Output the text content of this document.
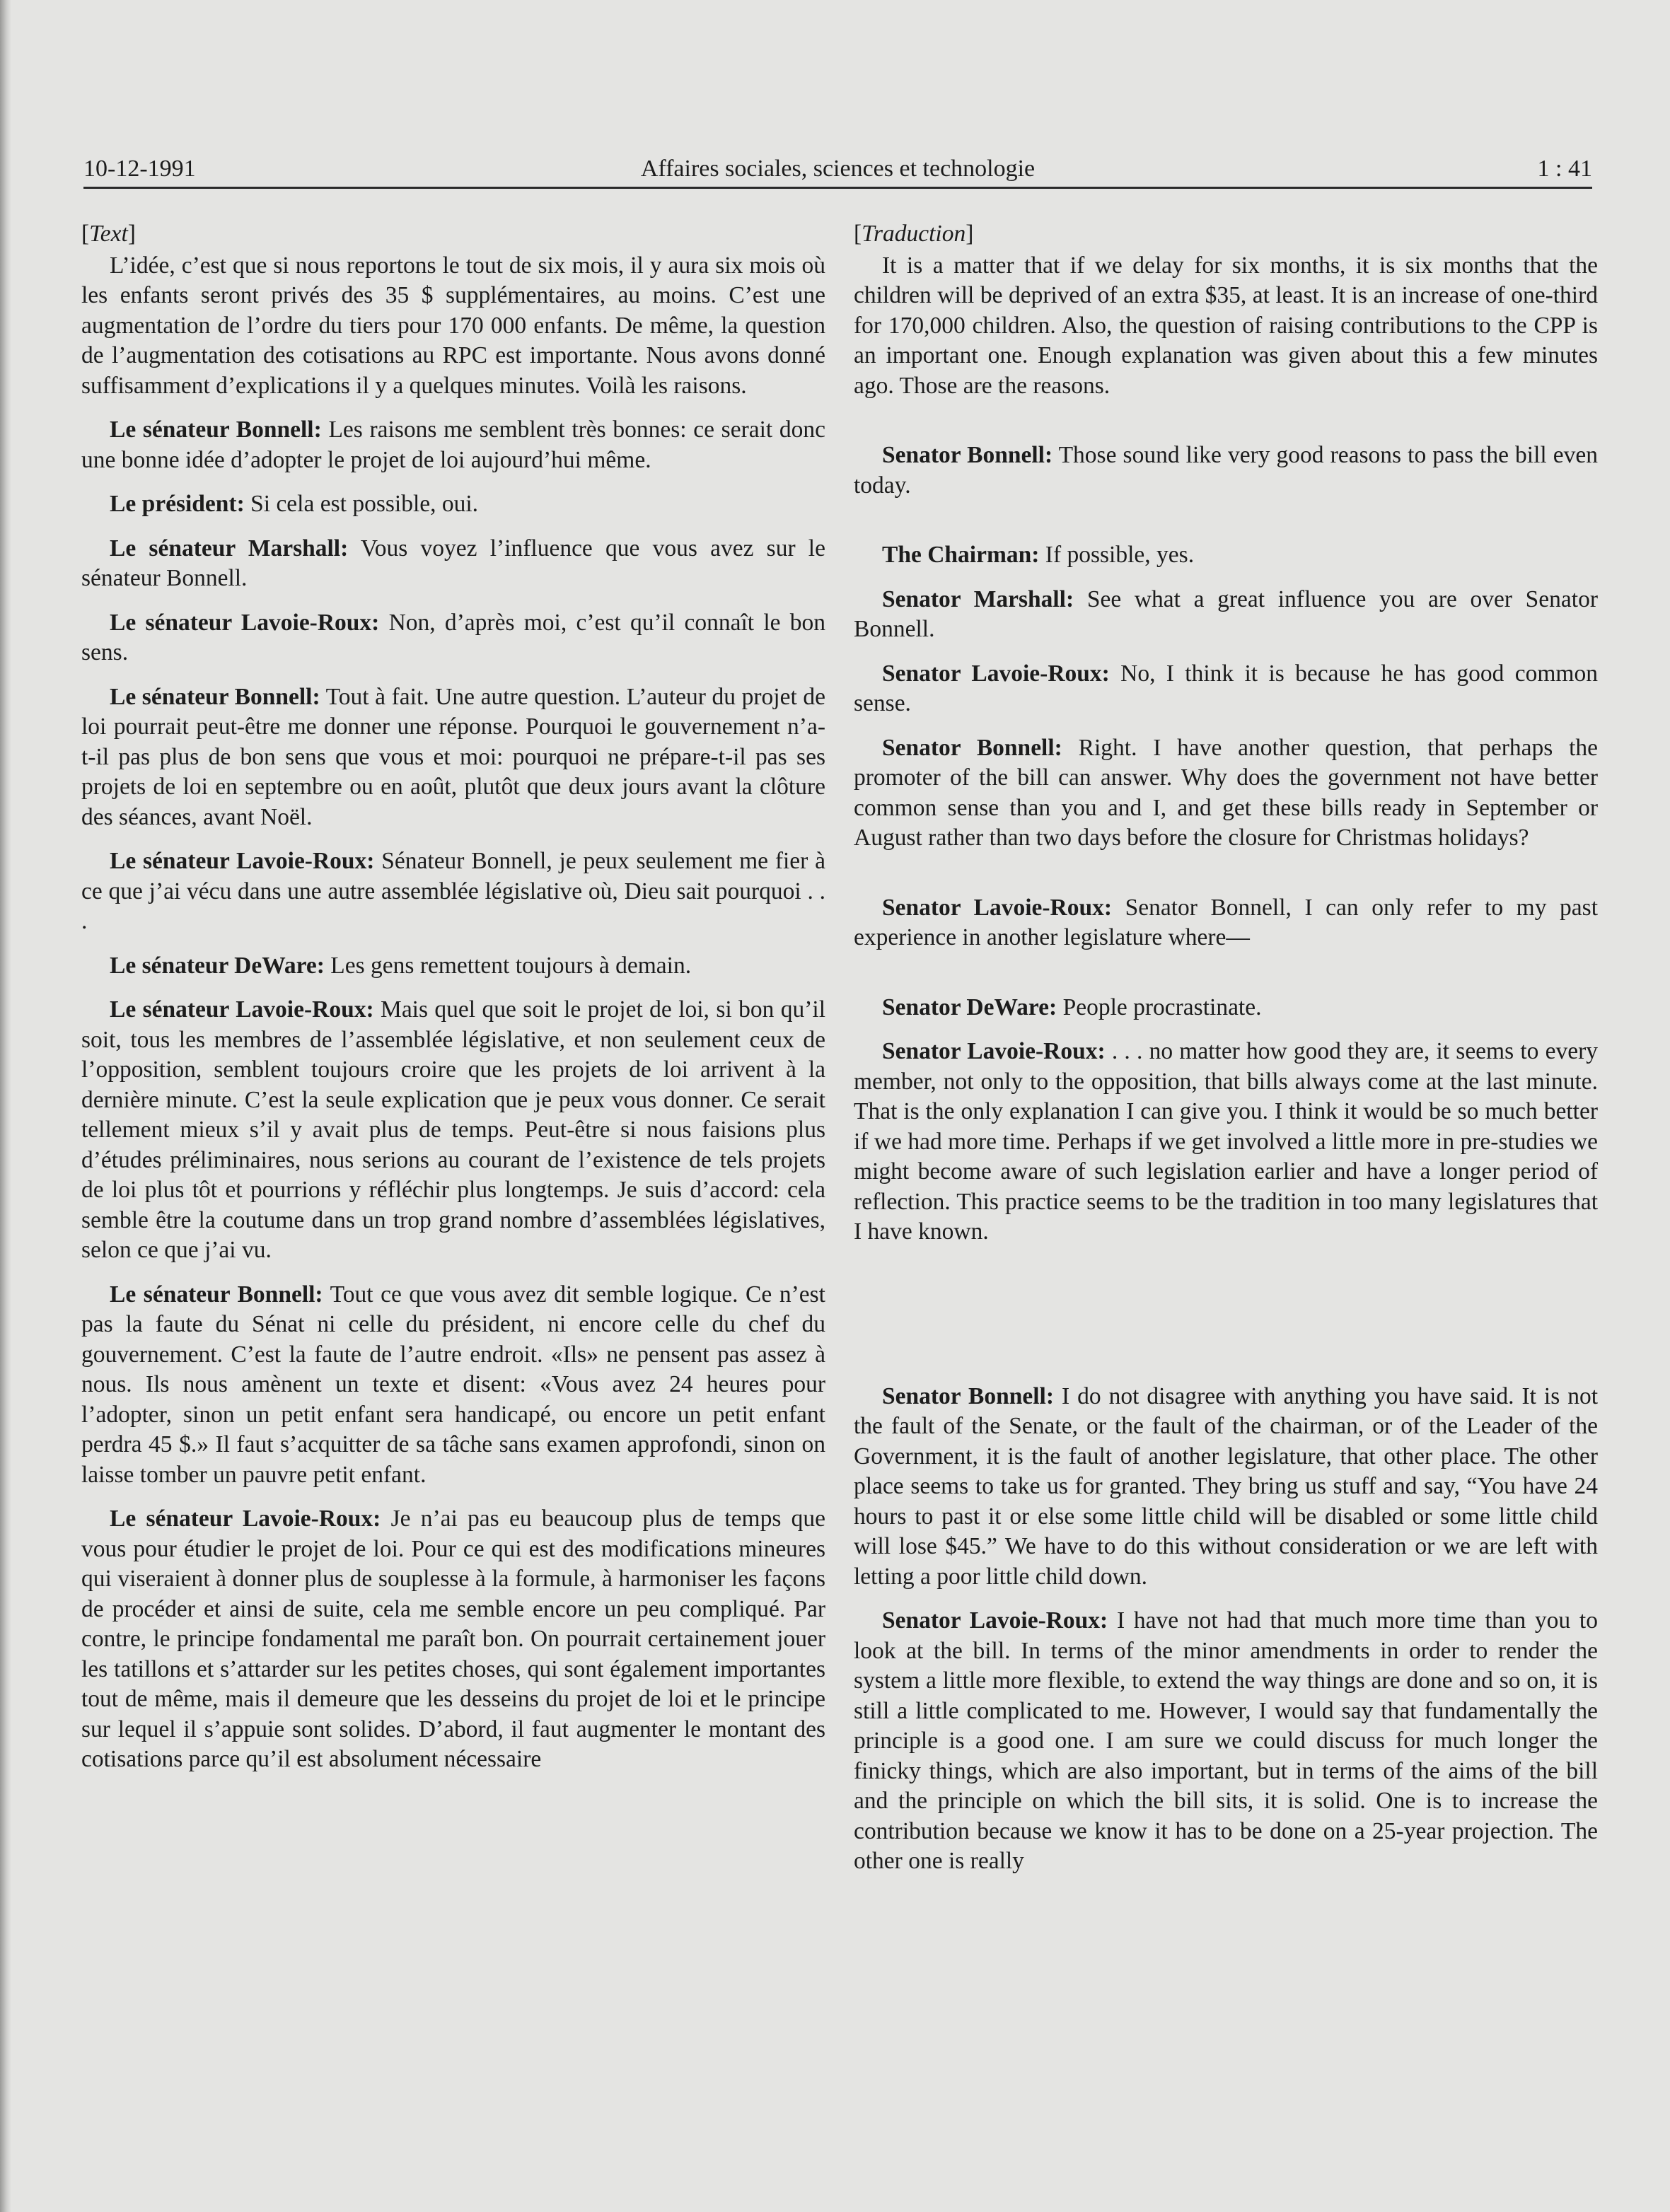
10-12-1991	Affaires sociales, sciences et technologie	1 : 41
[Text]

L’idée, c’est que si nous reportons le tout de six mois, il y aura six mois où les enfants seront privés des 35 $ supplémentaires, au moins. C’est une augmentation de l’ordre du tiers pour 170 000 enfants. De même, la question de l’augmentation des cotisations au RPC est importante. Nous avons donné suffisamment d’explications il y a quelques minutes. Voilà les raisons.

Le sénateur Bonnell: Les raisons me semblent très bonnes: ce serait donc une bonne idée d’adopter le projet de loi aujourd’hui même.

Le président: Si cela est possible, oui.

Le sénateur Marshall: Vous voyez l’influence que vous avez sur le sénateur Bonnell.

Le sénateur Lavoie-Roux: Non, d’après moi, c’est qu’il connaît le bon sens.

Le sénateur Bonnell: Tout à fait. Une autre question. L’auteur du projet de loi pourrait peut-être me donner une réponse. Pourquoi le gouvernement n’a-t-il pas plus de bon sens que vous et moi: pourquoi ne prépare-t-il pas ses projets de loi en septembre ou en août, plutôt que deux jours avant la clôture des séances, avant Noël.

Le sénateur Lavoie-Roux: Sénateur Bonnell, je peux seulement me fier à ce que j’ai vécu dans une autre assemblée législative où, Dieu sait pourquoi . . .

Le sénateur DeWare: Les gens remettent toujours à demain.

Le sénateur Lavoie-Roux: Mais quel que soit le projet de loi, si bon qu’il soit, tous les membres de l’assemblée législative, et non seulement ceux de l’opposition, semblent toujours croire que les projets de loi arrivent à la dernière minute. C’est la seule explication que je peux vous donner. Ce serait tellement mieux s’il y avait plus de temps. Peut-être si nous faisions plus d’études préliminaires, nous serions au courant de l’existence de tels projets de loi plus tôt et pourrions y réfléchir plus longtemps. Je suis d’accord: cela semble être la coutume dans un trop grand nombre d’assemblées législatives, selon ce que j’ai vu.

Le sénateur Bonnell: Tout ce que vous avez dit semble logique. Ce n’est pas la faute du Sénat ni celle du président, ni encore celle du chef du gouvernement. C’est la faute de l’autre endroit. «Ils» ne pensent pas assez à nous. Ils nous amènent un texte et disent: «Vous avez 24 heures pour l’adopter, sinon un petit enfant sera handicapé, ou encore un petit enfant perdra 45 $.» Il faut s’acquitter de sa tâche sans examen approfondi, sinon on laisse tomber un pauvre petit enfant.

Le sénateur Lavoie-Roux: Je n’ai pas eu beaucoup plus de temps que vous pour étudier le projet de loi. Pour ce qui est des modifications mineures qui viseraient à donner plus de souplesse à la formule, à harmoniser les façons de procéder et ainsi de suite, cela me semble encore un peu compliqué. Par contre, le principe fondamental me paraît bon. On pourrait certainement jouer les tatillons et s’attarder sur les petites choses, qui sont également importantes tout de même, mais il demeure que les desseins du projet de loi et le principe sur lequel il s’appuie sont solides. D’abord, il faut augmenter le montant des cotisations parce qu’il est absolument nécessaire

[Traduction]

It is a matter that if we delay for six months, it is six months that the children will be deprived of an extra $35, at least. It is an increase of one-third for 170,000 children. Also, the question of raising contributions to the CPP is an important one. Enough explanation was given about this a few minutes ago. Those are the reasons.

Senator Bonnell: Those sound like very good reasons to pass the bill even today.

The Chairman: If possible, yes.

Senator Marshall: See what a great influence you are over Senator Bonnell.

Senator Lavoie-Roux: No, I think it is because he has good common sense.

Senator Bonnell: Right. I have another question, that perhaps the promoter of the bill can answer. Why does the government not have better common sense than you and I, and get these bills ready in September or August rather than two days before the closure for Christmas holidays?

Senator Lavoie-Roux: Senator Bonnell, I can only refer to my past experience in another legislature where—

Senator DeWare: People procrastinate.

Senator Lavoie-Roux: . . . no matter how good they are, it seems to every member, not only to the opposition, that bills always come at the last minute. That is the only explanation I can give you. I think it would be so much better if we had more time. Perhaps if we get involved a little more in pre-studies we might become aware of such legislation earlier and have a longer period of reflection. This practice seems to be the tradition in too many legislatures that I have known.

Senator Bonnell: I do not disagree with anything you have said. It is not the fault of the Senate, or the fault of the chairman, or of the Leader of the Government, it is the fault of another legislature, that other place. The other place seems to take us for granted. They bring us stuff and say, “You have 24 hours to past it or else some little child will be disabled or some little child will lose $45.” We have to do this without consideration or we are left with letting a poor little child down.

Senator Lavoie-Roux: I have not had that much more time than you to look at the bill. In terms of the minor amendments in order to render the system a little more flexible, to extend the way things are done and so on, it is still a little complicated to me. However, I would say that fundamentally the principle is a good one. I am sure we could discuss for much longer the finicky things, which are also important, but in terms of the aims of the bill and the principle on which the bill sits, it is solid. One is to increase the contribution because we know it has to be done on a 25-year projection. The other one is really
